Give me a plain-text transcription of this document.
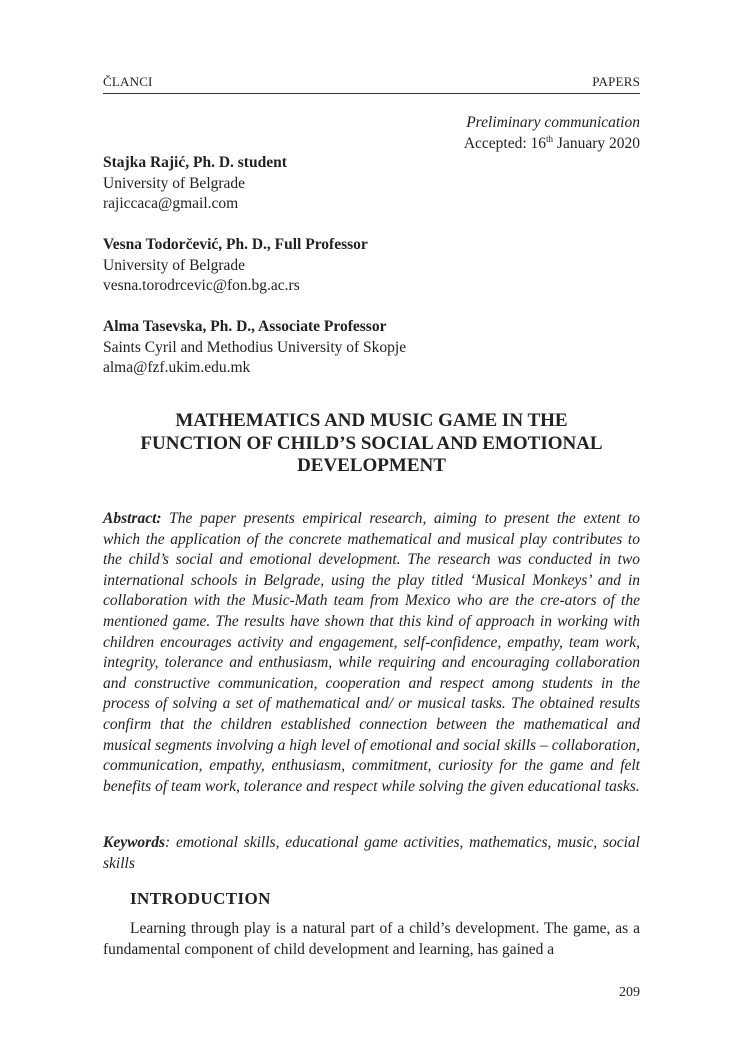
ČLANCI	PAPERS
Preliminary communication
Accepted: 16th January 2020
Stajka Rajić, Ph. D. student
University of Belgrade
rajiccaca@gmail.com
Vesna Todorčević, Ph. D., Full Professor
University of Belgrade
vesna.torodrcevic@fon.bg.ac.rs
Alma Tasevska, Ph. D., Associate Professor
Saints Cyril and Methodius University of Skopje
alma@fzf.ukim.edu.mk
MATHEMATICS AND MUSIC GAME IN THE
FUNCTION OF CHILD’S SOCIAL AND EMOTIONAL
DEVELOPMENT
Abstract: The paper presents empirical research, aiming to present the extent to which the application of the concrete mathematical and musical play contributes to the child’s social and emotional development. The research was conducted in two international schools in Belgrade, using the play titled ‘Musical Monkeys’ and in collaboration with the Music-Math team from Mexico who are the cre-ators of the mentioned game. The results have shown that this kind of approach in working with children encourages activity and engagement, self-confidence, empathy, team work, integrity, tolerance and enthusiasm, while requiring and encouraging collaboration and constructive communication, cooperation and respect among students in the process of solving a set of mathematical and/ or musical tasks. The obtained results confirm that the children established connection between the mathematical and musical segments involving a high level of emotional and social skills – collaboration, communication, empathy, enthusiasm, commitment, curiosity for the game and felt benefits of team work, tolerance and respect while solving the given educational tasks.
Keywords: emotional skills, educational game activities, mathematics, music, social skills
INTRODUCTION
Learning through play is a natural part of a child’s development. The game, as a fundamental component of child development and learning, has gained a
209
